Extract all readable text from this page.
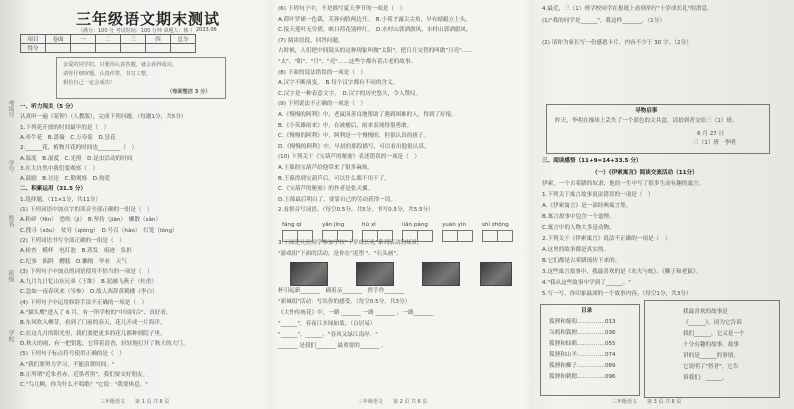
考场号
学号
姓名
班级
学校
三年级语文期末测试
（满分：100 分 考试时间：100 分钟 命题人：韩 ） 2023.06
项目	卷面	一	二	三	四	总分
得分						
亲爱的同学们，只要你认真答题，就会获得成功。
请你仔细审题，认真作答，书写工整，
相信自己一定会成功！
（卷面整洁 3 分）
一、听力闯关（5 分）
认真听一遍《花钟》（人教版），完成下列问题。（每题1分，共5分）
1.下列花开放的时间最早的是（　）
A.牵牛花　B.蔷薇　C.万寿菊　D.昙花
2.______花，植物开花的时间也________（　）
A.温度　B.湿度　C.光照　D.昆虫活动的时间
3.在大自然中我们要观察（　）
A.鼓励　B.讨论　C.勤观察　D.热爱
二、积累运用（31.5 分）
1.选择题。（11×1分，共11分）
(1) 下列词语中加点字的读音全部正确的一组是（　）
A.粉碎（fěn）　恐吹（jì）　B.坚持（jiān）　懒散（sǎn）
C.搜寻（sōu）　贫穷（qióng）　D.号召（hào）　灯笼（lóng）
(2) 下列词语书写全部正确的一组是（　）
A.检查　模样　电灯泡　B.蒸发　痕迹　负担
C.纪事　陷阱　糟糕　D.懒惰　毕业　天气
(3) 下列句子中加点的词语使用不恰当的一项是（　）
A.九月九日忆山东兄弟（王维）　B.泥融飞燕子（杜甫）
C.忽如一夜春风来（岑参）　D.故人西辞黄鹤楼（李白）
(4) 下列句子中运用修辞手法不正确的一项是（　）
A."猫头鹰"进入了 6 月，有一所学校的"中国四合"，真好看。
B.东风吹入柳芽，看到了门前的春天，花儿开成一片海洋。
C.在这九月的阳光里，我们要把更多的花儿都种到院子里。
D.秋天的雨，有一把钥匙，它带着清香，轻轻地打开了秋天的大门。
(5) 下列句子标点符号使用正确的是（　）
A."我们要努力学习，不能浪费时间。"
B.正所谓"近朱者赤，近墨者黑"，我们要交好朋友。
C."鸟儿啊，你为什么不唱歌？"它说："我要休息。"
三年级语文　　第 1 页 共 6 页
(6) 下列句子中，不是描写夏天季节的一项是（　）
A.荷叶罗裙一色裁，芙蓉向脸两边开。　B.小荷才露尖尖角，早有蜻蜓立上头。
C.接天莲叶无穷碧，映日荷花别样红。　D.水村山郭酒旗风，水村山郭酒旗风。
(7) 阅读语段，回答问题。
古时候，人们把中间镜头的这种现象叫做"太阳"，把日月交替的叫做"月亮"……
"太"、"阳"、"月"、"亮"……这些字都有着古老的故事。
(8) 下面的说法错误的一项是（　）
A.汉字不断演变。　B.每个汉字都有不同的含义。
C.汉字是一种表意文字。　D.汉字的历史悠久，令人赞叹。
(9) 下列说法不正确的一项是（　）
A.《慢慢的阿利》中，老鼠因善良地帮助了遇到困难的人，得到了好报。
B.《小英雄雨来》中，在被捕后，雨来表现得很勇敢。
C.《慢慢的阿利》中，阿利是一个慢慢的、但很认真的孩子。
D.《慢慢的阿利》中，早晨的那段描写，可以看出他很认真。
(10) 下列关于《宝葫芦的秘密》表述错误的一项是（　）
A.王葆的宝葫芦给他带来了很多麻烦。
B.王葆得到宝葫芦后，可以什么都不用干了。
C.《宝葫芦的秘密》的作者是张天翼。
D.王葆最后明白了，要靠自己的劳动获得一切。
2.看拼音写词语。（每空0.5分，共5分，书写0.5分，共5.5分）
3.下面是几位同学参加学校"十岁成长礼"系列活动的场景。
"游戏组"下面的活动，是你在"泥塑 "、"石头画"。
杯引起新_______　刷着亲_______　搓手作_______
"新城组"活动：写出你的感受。（每空0.5分，共3分）
《大作传统花》中，一路 _______ 一路 _______ ，一路_______
"______"，春夜江水绿如蓝。（白居易）
"______"，______。"春风又绿江南岸。"
_______ 是我们_______ 最重要的_______ 。
fàng qì	yǎn jīng	hū xī	liǎn páng	yuán yīn	shì zhōng
三年级语文　　第 2 页 共 6 页
4.最近，三（1）班学校同学在报纸上看到举行"十岁成长礼"的消息，
(1)"我的同学是______"，我这样_______，（1分）
(2) 请你为家长写一份感恩卡片，内容不少于 30 字。（2分）
三、阅读感悟（11+9=14+33.5 分）
（一）《伊索寓言》阅读交流活动（11分）
伊索，一个古希腊的奴隶，他的一生中写了很多生动有趣的寓言。
1.下列关于寓言故事说法错误的一项是（　）
A.《伊索寓言》是一部经典寓言集。
B.寓言故事中包含一个道理。
C.寓言中的人物大多是动物。
2.下列关于《伊索寓言》说法不正确的一项是（　）
A.这里的故事都是真实的。
B.它们都是古希腊流传下来的。
3.这些寓言故事中，我最喜欢的是《农夫与蛇》、《狮子和老鼠》。
4."我从这些故事中学到了______。"
5.写一写，你印象最深的一个故事内容。（每空1分，共3分）
寻物启事
昨天，李明在操场上丢失了一个蓝色的文具盒，请拾到者交给三（1）班。
6 月 27 日
三（1）班　李明
目录
狐狸和葡萄……………013
乌鸦和狐狸……………036
狐狸和仙鹤……………055
狐狸和山羊……………074
狐狸和狮子……………089
狐狸和刺猬……………096
我最喜欢的故事是
《______》，因为它告诉
我们______，它又是一个
十分有趣的故事。故事
讲的是______的事情。
它说明了"智者"，它告
诉我们：______。
三年级语文　　第 3 页 共 6 页
